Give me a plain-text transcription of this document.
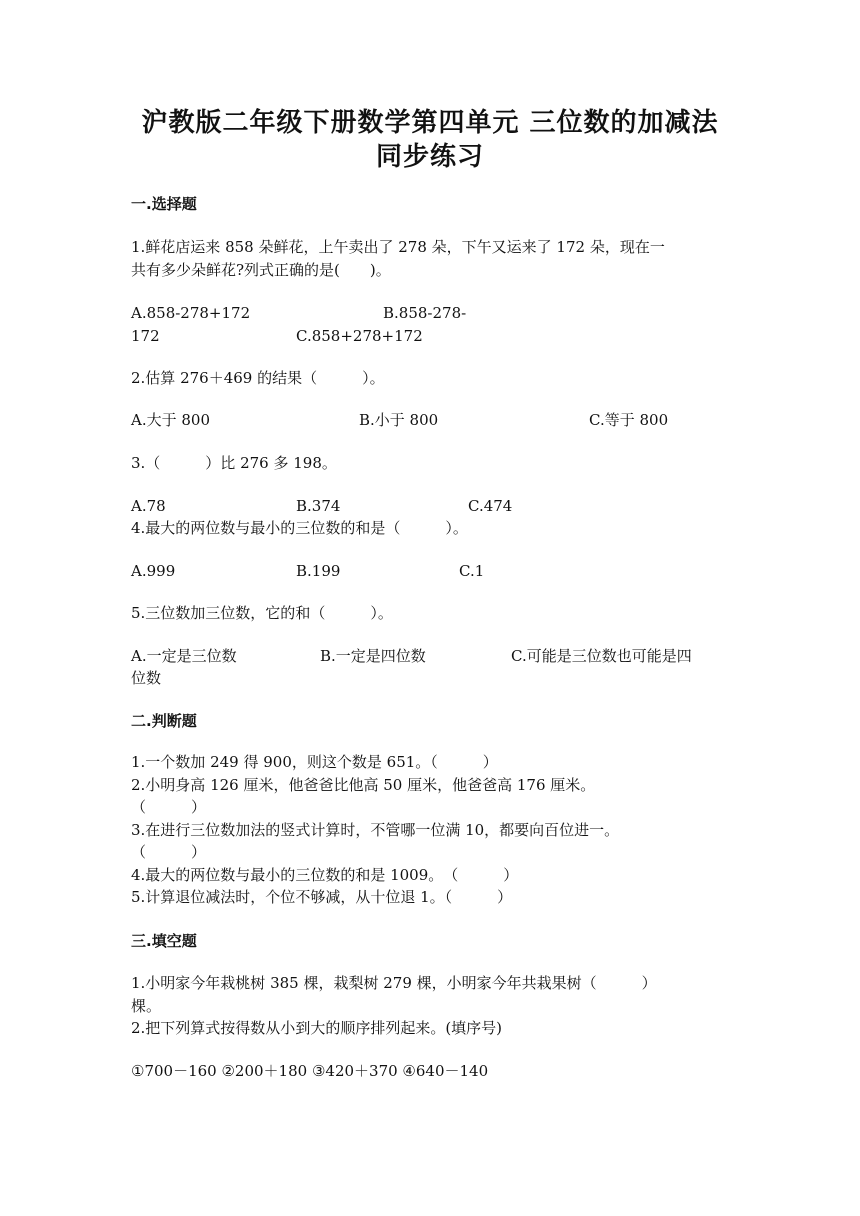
沪教版二年级下册数学第四单元 三位数的加减法
同步练习
一.选择题
1.鲜花店运来 858 朵鲜花，上午卖出了 278 朵，下午又运来了 172 朵，现在一
共有多少朵鲜花?列式正确的是(　　)。
A.858-278+172	B.858-278-
172	C.858+278+172
2.估算 276＋469 的结果（　　　）。
A.大于 800	B.小于 800	C.等于 800
3.（　　　）比 276 多 198。
A.78	B.374	C.474
4.最大的两位数与最小的三位数的和是（　　　）。
A.999	B.199	C.1
5.三位数加三位数，它的和（　　　）。
A.一定是三位数	B.一定是四位数	C.可能是三位数也可能是四
位数
二.判断题
1.一个数加 249 得 900，则这个数是 651。（　　　）
2.小明身高 126 厘米，他爸爸比他高 50 厘米，他爸爸高 176 厘米。
（　　　）
3.在进行三位数加法的竖式计算时，不管哪一位满 10，都要向百位进一。
（　　　）
4.最大的两位数与最小的三位数的和是 1009。　（　　　）
5.计算退位减法时，个位不够减，从十位退 1。（　　　）
三.填空题
1.小明家今年栽桃树 385 棵，栽梨树 279 棵，小明家今年共栽果树（　　　）
棵。
2.把下列算式按得数从小到大的顺序排列起来。(填序号)
①700－160 ②200＋180 ③420＋370 ④640－140
